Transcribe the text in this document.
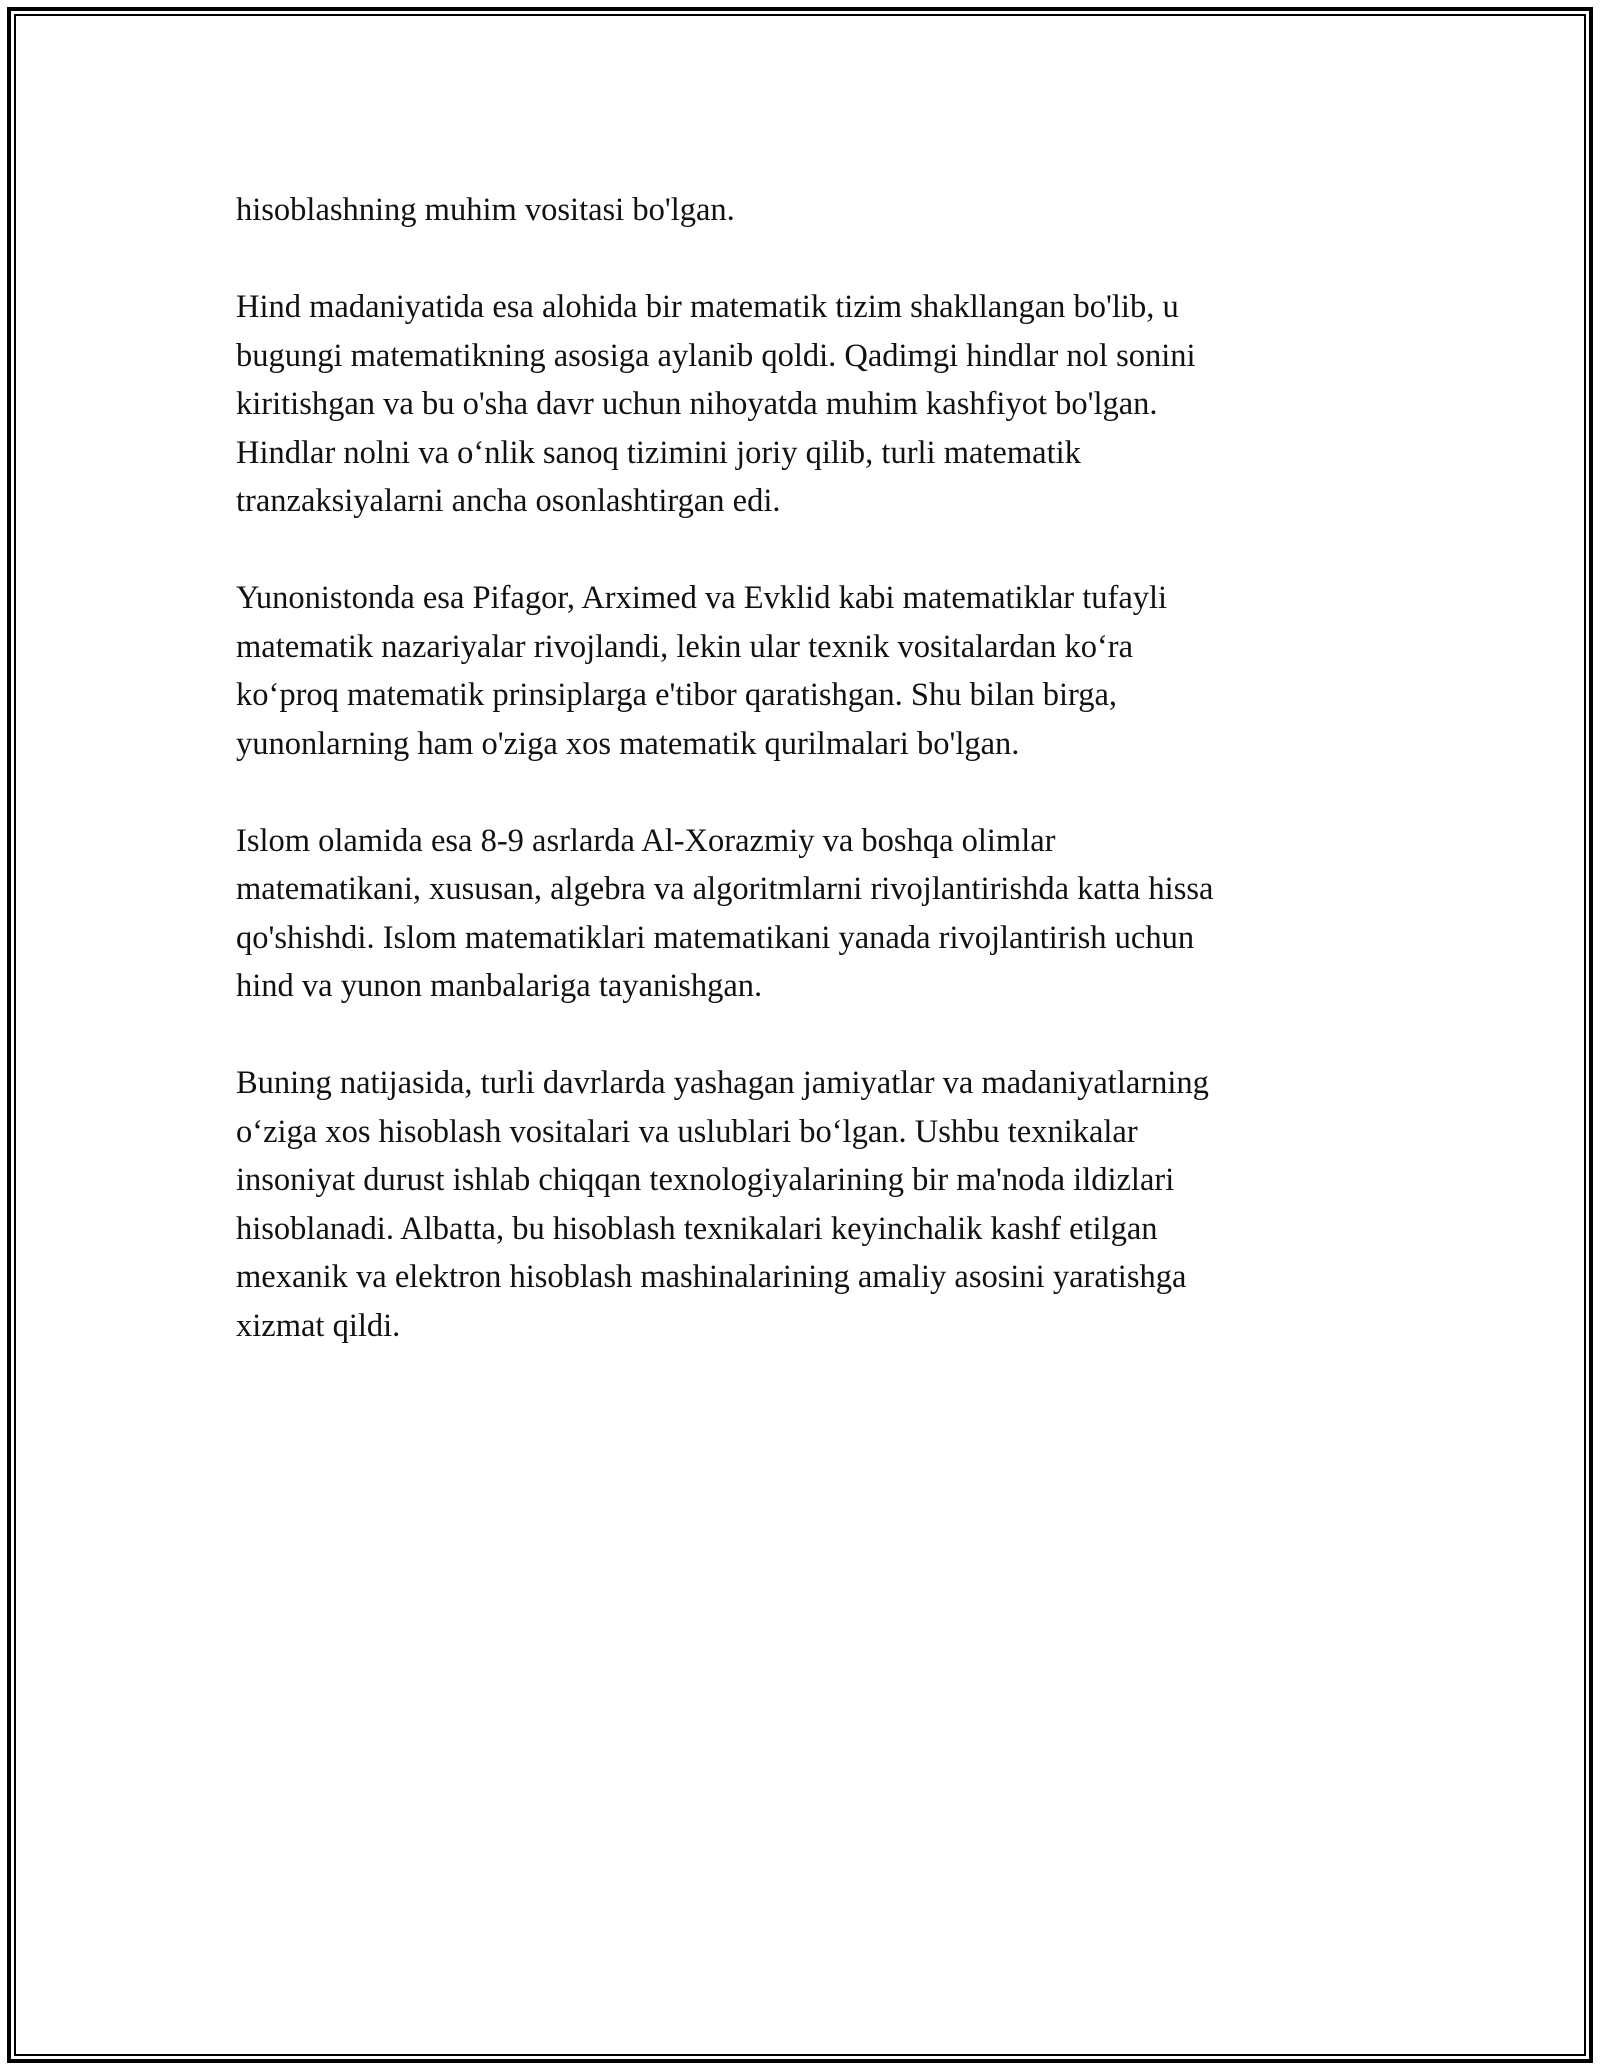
hisoblashning muhim vositasi bo'lgan.

Hind madaniyatida esa alohida bir matematik tizim shakllangan bo'lib, u
bugungi matematikning asosiga aylanib qoldi. Qadimgi hindlar nol sonini
kiritishgan va bu o'sha davr uchun nihoyatda muhim kashfiyot bo'lgan.
Hindlar nolni va o‘nlik sanoq tizimini joriy qilib, turli matematik
tranzaksiyalarni ancha osonlashtirgan edi.

Yunonistonda esa Pifagor, Arximed va Evklid kabi matematiklar tufayli
matematik nazariyalar rivojlandi, lekin ular texnik vositalardan ko‘ra
ko‘proq matematik prinsiplarga e'tibor qaratishgan. Shu bilan birga,
yunonlarning ham o'ziga xos matematik qurilmalari bo'lgan.

Islom olamida esa 8-9 asrlarda Al-Xorazmiy va boshqa olimlar
matematikani, xususan, algebra va algoritmlarni rivojlantirishda katta hissa
qo'shishdi. Islom matematiklari matematikani yanada rivojlantirish uchun
hind va yunon manbalariga tayanishgan.

Buning natijasida, turli davrlarda yashagan jamiyatlar va madaniyatlarning
o‘ziga xos hisoblash vositalari va uslublari bo‘lgan. Ushbu texnikalar
insoniyat durust ishlab chiqqan texnologiyalarining bir ma'noda ildizlari
hisoblanadi. Albatta, bu hisoblash texnikalari keyinchalik kashf etilgan
mexanik va elektron hisoblash mashinalarining amaliy asosini yaratishga
xizmat qildi.
